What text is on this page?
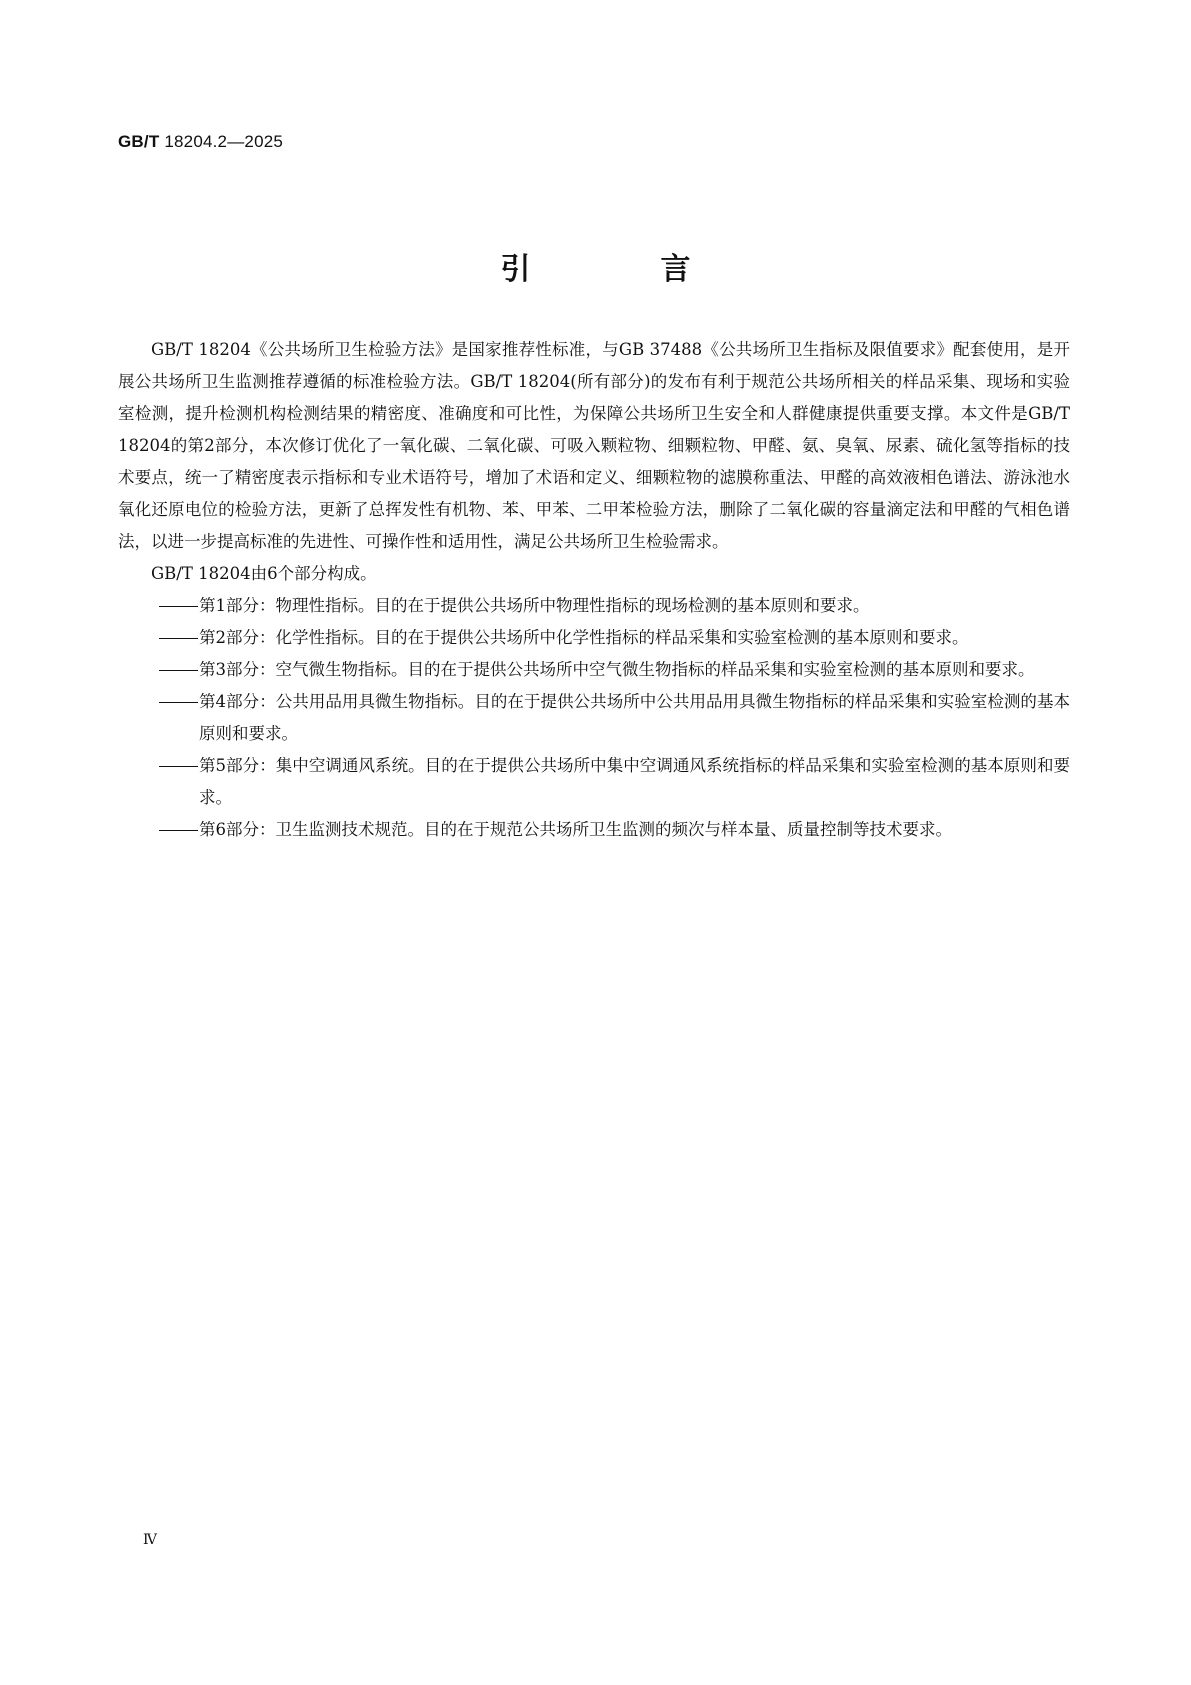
GB/T 18204.2—2025
引　言

GB/T 18204《公共场所卫生检验方法》是国家推荐性标准，与GB 37488《公共场所卫生指标及限值要求》配套使用，是开展公共场所卫生监测推荐遵循的标准检验方法。GB/T 18204(所有部分)的发布有利于规范公共场所相关的样品采集、现场和实验室检测，提升检测机构检测结果的精密度、准确度和可比性，为保障公共场所卫生安全和人群健康提供重要支撑。本文件是GB/T 18204的第2部分，本次修订优化了一氧化碳、二氧化碳、可吸入颗粒物、细颗粒物、甲醛、氨、臭氧、尿素、硫化氢等指标的技术要点，统一了精密度表示指标和专业术语符号，增加了术语和定义、细颗粒物的滤膜称重法、甲醛的高效液相色谱法、游泳池水氧化还原电位的检验方法，更新了总挥发性有机物、苯、甲苯、二甲苯检验方法，删除了二氧化碳的容量滴定法和甲醛的气相色谱法，以进一步提高标准的先进性、可操作性和适用性，满足公共场所卫生检验需求。

GB/T 18204由6个部分构成。

第1部分：物理性指标。目的在于提供公共场所中物理性指标的现场检测的基本原则和要求。
第2部分：化学性指标。目的在于提供公共场所中化学性指标的样品采集和实验室检测的基本原则和要求。
第3部分：空气微生物指标。目的在于提供公共场所中空气微生物指标的样品采集和实验室检测的基本原则和要求。
第4部分：公共用品用具微生物指标。目的在于提供公共场所中公共用品用具微生物指标的样品采集和实验室检测的基本原则和要求。
第5部分：集中空调通风系统。目的在于提供公共场所中集中空调通风系统指标的样品采集和实验室检测的基本原则和要求。
第6部分：卫生监测技术规范。目的在于规范公共场所卫生监测的频次与样本量、质量控制等技术要求。
Ⅳ
